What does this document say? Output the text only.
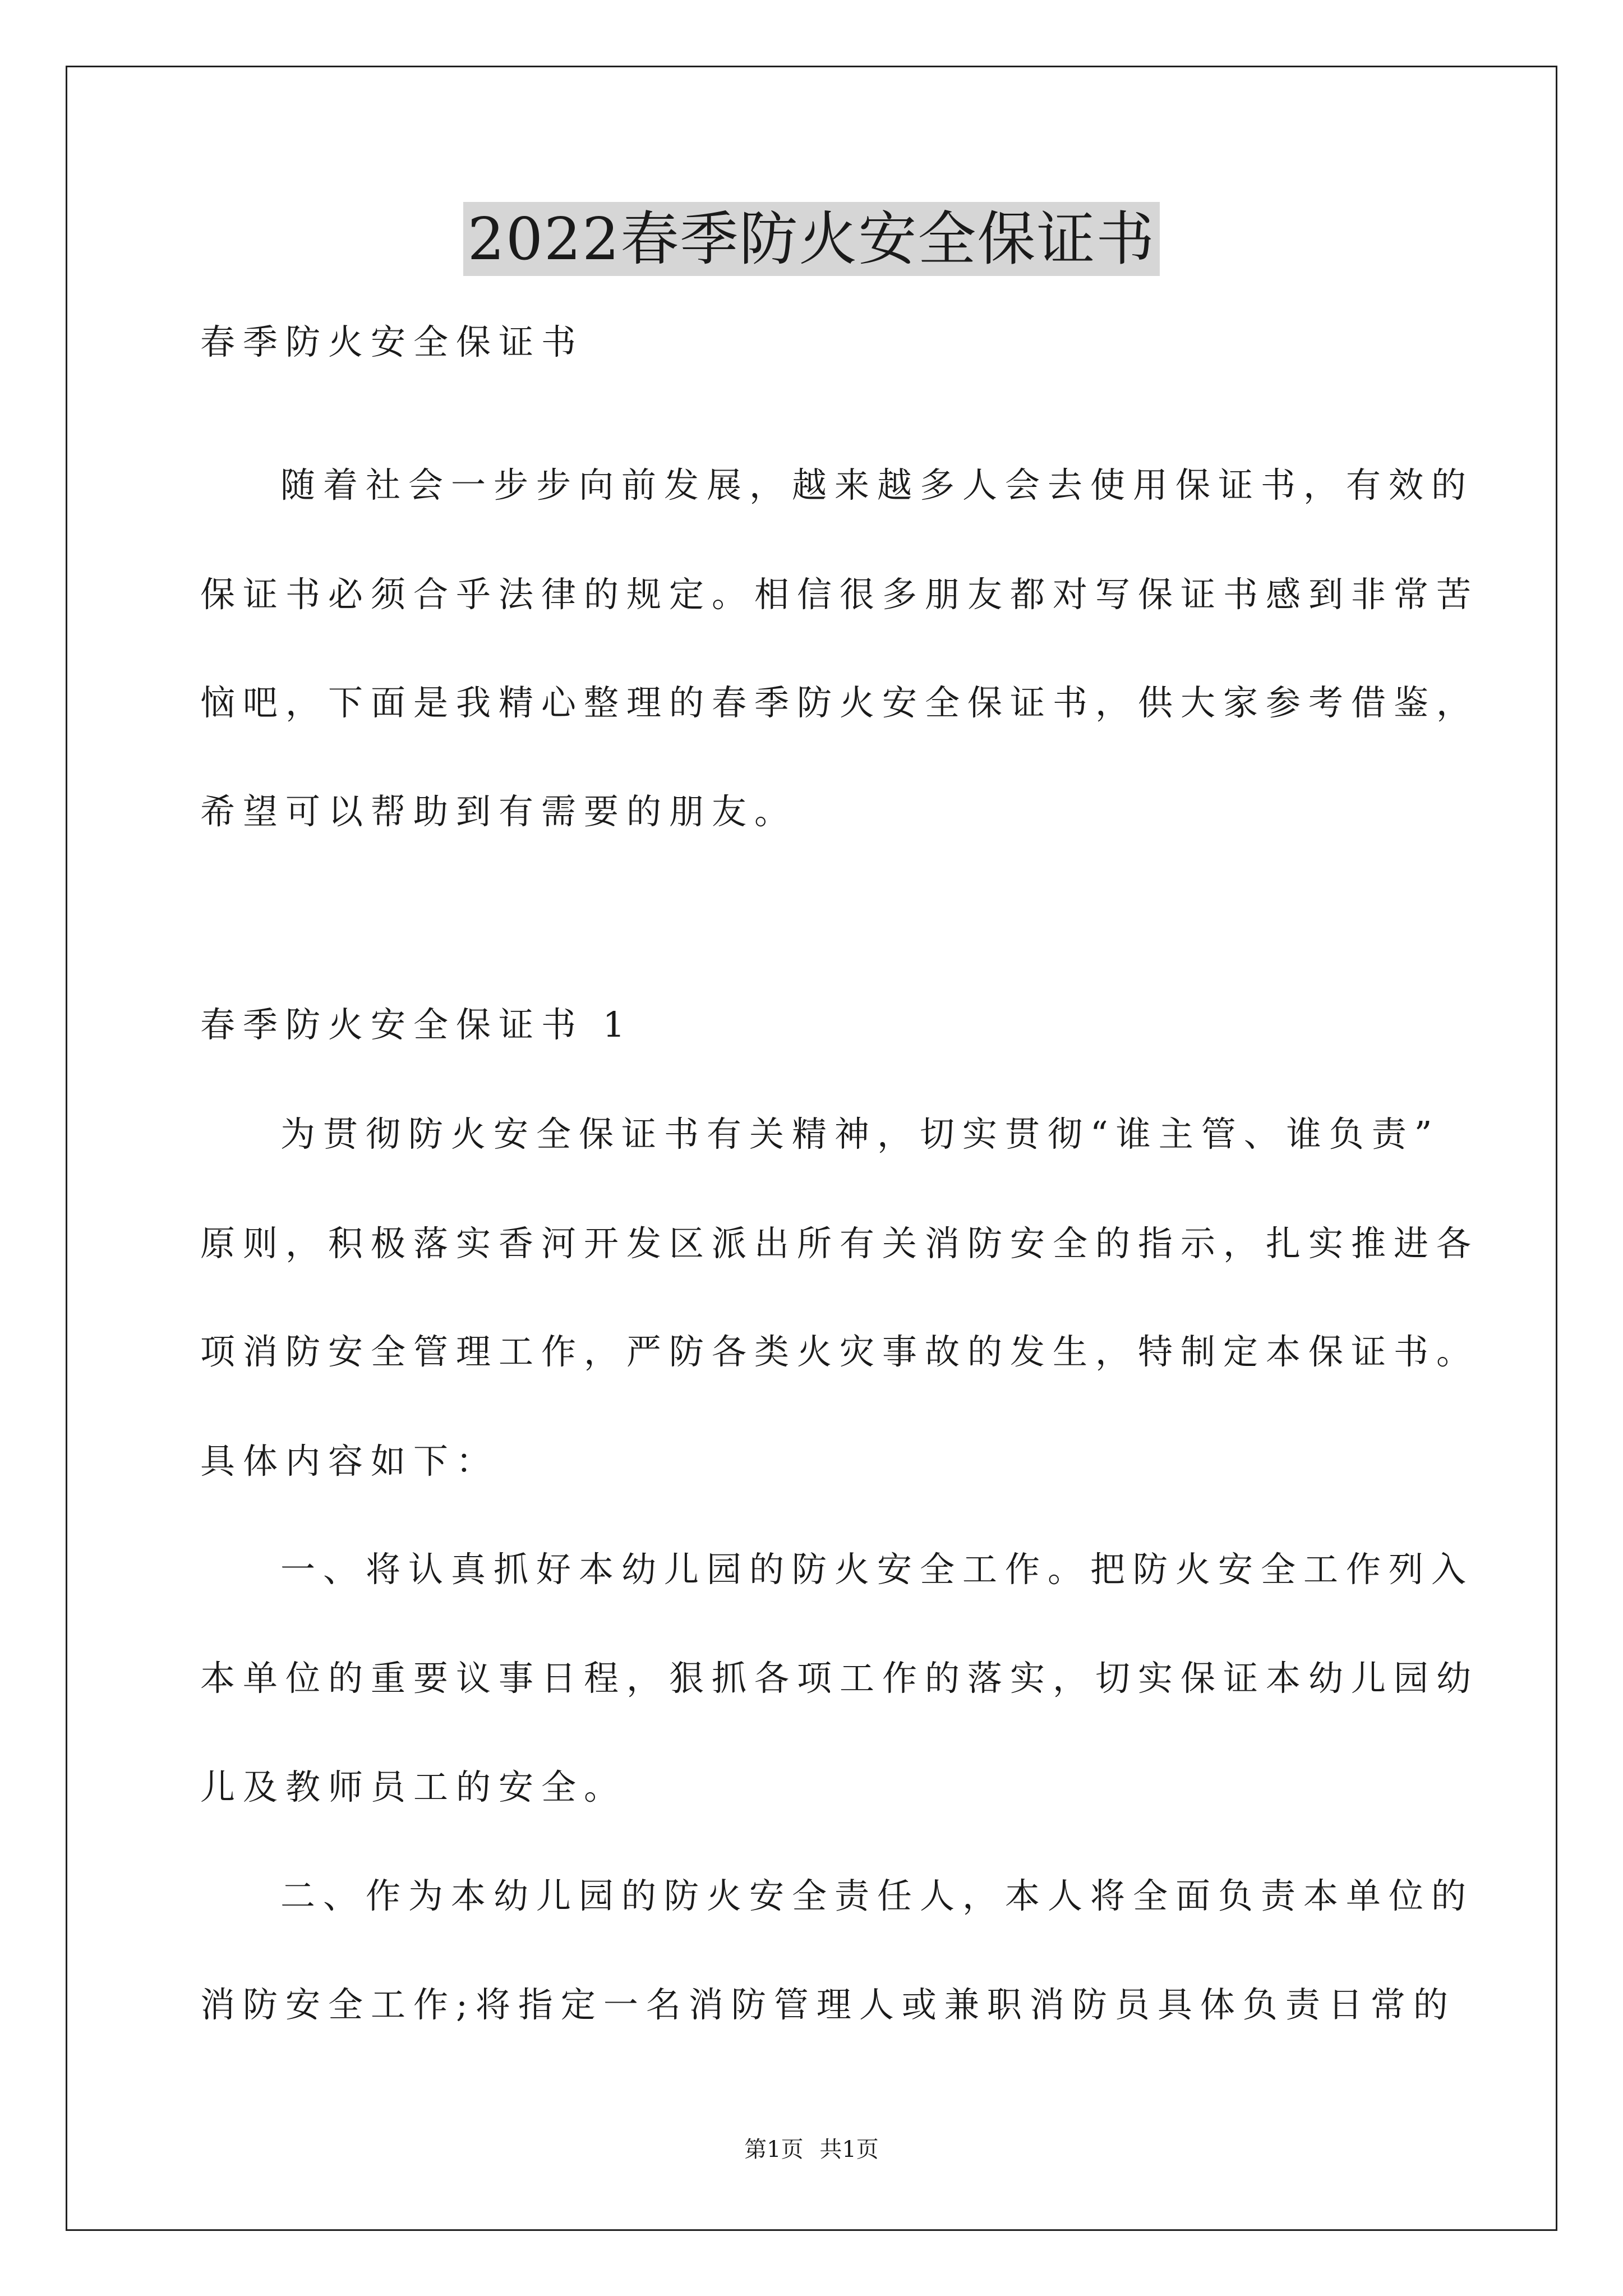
2022春季防火安全保证书
春季防火安全保证书
随着社会一步步向前发展，越来越多人会去使用保证书，有效的
保证书必须合乎法律的规定。相信很多朋友都对写保证书感到非常苦
恼吧，下面是我精心整理的春季防火安全保证书，供大家参考借鉴，
希望可以帮助到有需要的朋友。
春季防火安全保证书 1
为贯彻防火安全保证书有关精神，切实贯彻“谁主管、谁负责”
原则，积极落实香河开发区派出所有关消防安全的指示，扎实推进各
项消防安全管理工作，严防各类火灾事故的发生，特制定本保证书。
具体内容如下：
一、将认真抓好本幼儿园的防火安全工作。把防火安全工作列入
本单位的重要议事日程，狠抓各项工作的落实，切实保证本幼儿园幼
儿及教师员工的安全。
二、作为本幼儿园的防火安全责任人，本人将全面负责本单位的
消防安全工作;将指定一名消防管理人或兼职消防员具体负责日常的
第1页 共1页
